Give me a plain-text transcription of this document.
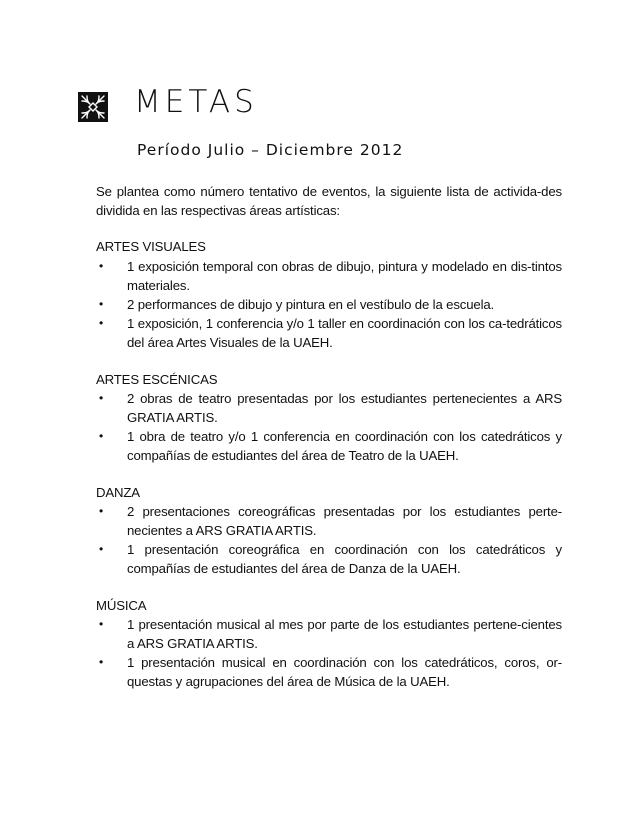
METAS
Período Julio – Diciembre 2012

Se plantea como número tentativo de eventos, la siguiente lista de activida-des dividida en las respectivas áreas artísticas:

ARTES VISUALES

• 1 exposición temporal con obras de dibujo, pintura y modelado en dis-tintos materiales.
• 2 performances de dibujo y pintura en el vestíbulo de la escuela.
• 1 exposición, 1 conferencia y/o 1 taller en coordinación con los ca-tedráticos del área Artes Visuales de la UAEH.

ARTES ESCÉNICAS

• 2 obras de teatro presentadas por los estudiantes pertenecientes a ARS GRATIA ARTIS.
• 1 obra de teatro y/o 1 conferencia en coordinación con los catedráticos y compañías de estudiantes del área de Teatro de la UAEH.

DANZA

• 2 presentaciones coreográficas presentadas por los estudiantes perte-necientes a ARS GRATIA ARTIS.
• 1 presentación coreográfica en coordinación con los catedráticos y compañías de estudiantes del área de Danza de la UAEH.

MÚSICA

• 1 presentación musical al mes por parte de los estudiantes pertene-cientes a ARS GRATIA ARTIS.
• 1 presentación musical en coordinación con los catedráticos, coros, or-questas y agrupaciones del área de Música de la UAEH.
